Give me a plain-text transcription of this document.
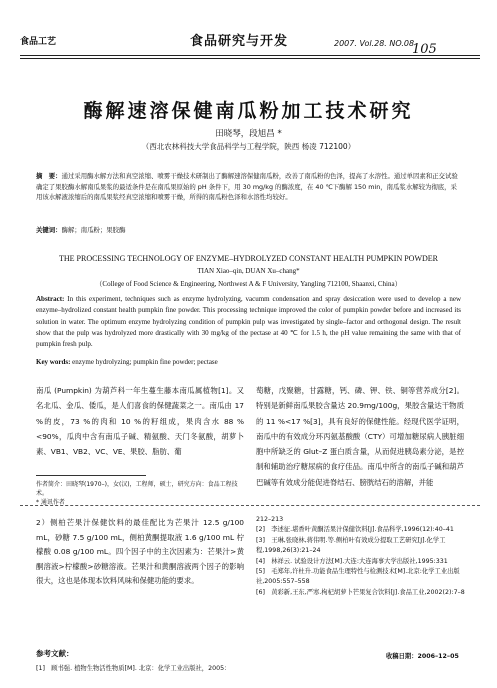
食品工艺	食品研究与开发	2007. Vol.28. NO.08
105
酶解速溶保健南瓜粉加工技术研究
田晓琴，段旭昌 *
（西北农林科技大学食品科学与工程学院，陕西 杨凌 712100）
摘　要：通过采用酶水解方法和真空浓缩、喷雾干燥技术研制出了酶解速溶保健南瓜粉，改善了南瓜粉的色泽，提高了水溶性。通过单因素和正交试验确定了果胶酶水解南瓜果浆的最适条件是在南瓜果原始的 pH 条件下，用 30 mg/kg 的酶浓度，在 40 ℃下酶解 150 min，南瓜浆水解较为彻底，采用该水解液浓缩后的南瓜果浆经真空浓缩和喷雾干燥，所得的南瓜粉色泽和水溶性均较好。
关键词：酶解；南瓜粉；果胶酶
THE PROCESSING TECHNOLOGY OF ENZYME–HYDROLYZED CONSTANT HEALTH PUMPKIN POWDER
TIAN Xiao–qin, DUAN Xu–chang*
（College of Food Science & Engineering, Northwest A & F University, Yangling 712100, Shaanxi, China）
Abstract: In this experiment, techniques such as enzyme hydrolyzing, vacumm condensation and spray desiccation were used to develop a new enzyme–hydrolized constant health pumpkin fine powder. This processing technique improved the color of pumpkin powder before and increased its solution in water. The optimum enzyme hydrolyzing condition of pumpkin pulp was investigated by single–factor and orthogonal design. The result show that the pulp was hydrolyzed more drastically with 30 mg/kg of the pectase at 40 ℃ for 1.5 h, the pH value remaining the same with that of pumpkin fresh pulp.
Key words: enzyme hydrolyzing; pumpkin fine powder; pectase
南瓜 (Pumpkin) 为葫芦科一年生蔓生藤本南瓜属植物[1]。又名北瓜、金瓜、倭瓜，是人们喜食的保健蔬菜之一。南瓜由 17 %的皮，73 %的肉和 10 %的籽组成，果肉含水 88 %<90%，瓜肉中含有南瓜子碱、精氨酸、天门冬氨酸，胡萝卜素、VB1、VB2、VC、VE、果胶、脂肪、葡
萄糖，戊聚糖，甘露糖，钙、磷、钾、铁、铜等营养成分[2]。特别是新鲜南瓜果胶含量达 20.9mg/100g，果胶含量达干物质的 11 %<17 %[3]，具有良好的保健性能。经现代医学证明，南瓜中的有效成分环丙氨基酸酸（CTY）可增加糖尿病人胰脏细胞中所缺乏的 Glut–Z 蛋白质含量，从而促进胰岛素分泌，是控制和辅助治疗糖尿病的食疗佳品。南瓜中所含的南瓜子碱和葫芦巴碱等有效成分能促进脊结石、膀胱结石的溶解，并能
作者简介：田晓琴(1970–)，女(汉)，工程师，硕士，研究方向：食品工程技术。
* 通讯作者
2）侧柏芒果汁保健饮料的最佳配比为芒果汁 12.5 g/100 mL，砂糖 7.5 g/100 mL，侧柏黄酮提取液 1.6 g/100 mL 柠檬酸 0.08 g/100 mL。四个因子中的主次因素为：芒果汁>黄酮溶液>柠檬酸>砂糖溶液。芒果汁和黄酮溶液两个因子的影响很大，这也是体现本饮料风味和保健功能的要求。
参考文献：
[1]　顾书强. 植物生物活性物质[M]. 北京：化学工业出版社，2005：
212–213
[2]　李述征.堪香叶黄酮活果汁保健饮料[J].食品科学,1996(12):40–41
[3]　王琳,张晓林,蒋伟明.等.侧柏叶有效成分提取工艺研究[J].化学工程,1998,26(3):21–24
[4]　林祥云. 试验设计方法[M].大连:大连海事大学出版社,1995:331
[5]　毛郑年,许杜升.功能食品生理特性与检测技术[M].北京:化学工业出版社,2005:557–558
[6]　黄彩新,王东,严寒.枸杞胡萝卜芒果复合饮料[J].食品工业,2002(2):7–8
收稿日期：2006–12–05
